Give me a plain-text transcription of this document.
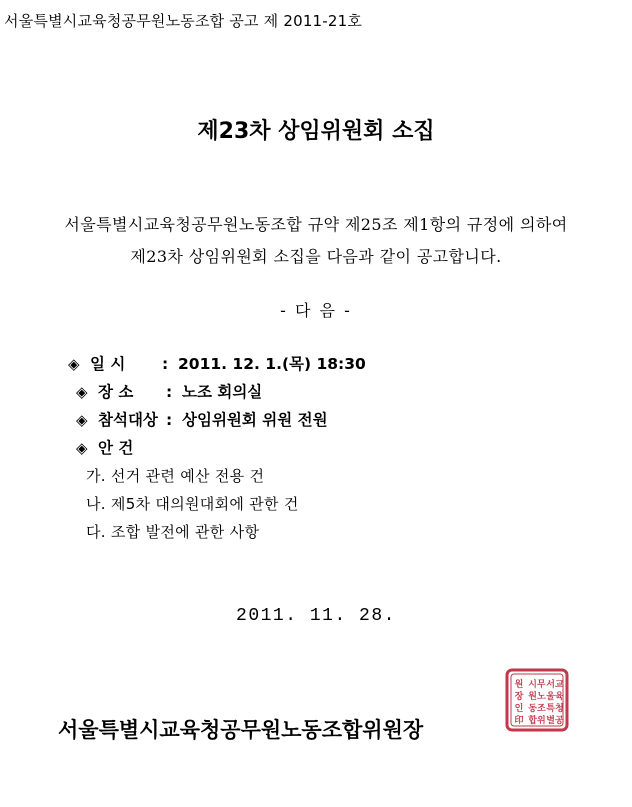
서울특별시교육청공무원노동조합 공고 제 2011-21호
제23차 상임위원회 소집
서울특별시교육청공무원노동조합 규약 제25조 제1항의 규정에 의하여
제23차 상임위원회 소집을 다음과 같이 공고합니다.
- 다 음 -
◈ 일 시 : 2011. 12. 1.(목) 18:30
◈ 장 소 : 노조 회의실
◈ 참석대상 : 상임위원회 위원 전원
◈ 안 건
가. 선거 관련 예산 전용 건
나. 제5차 대의원대회에 관한 건
다. 조합 발전에 관한 사항
2011. 11. 28.
서울특별시교육청공무원노동조합위원장
서교
울육
특청
별공
시무
원노
동조
합위
원
장
인
印
